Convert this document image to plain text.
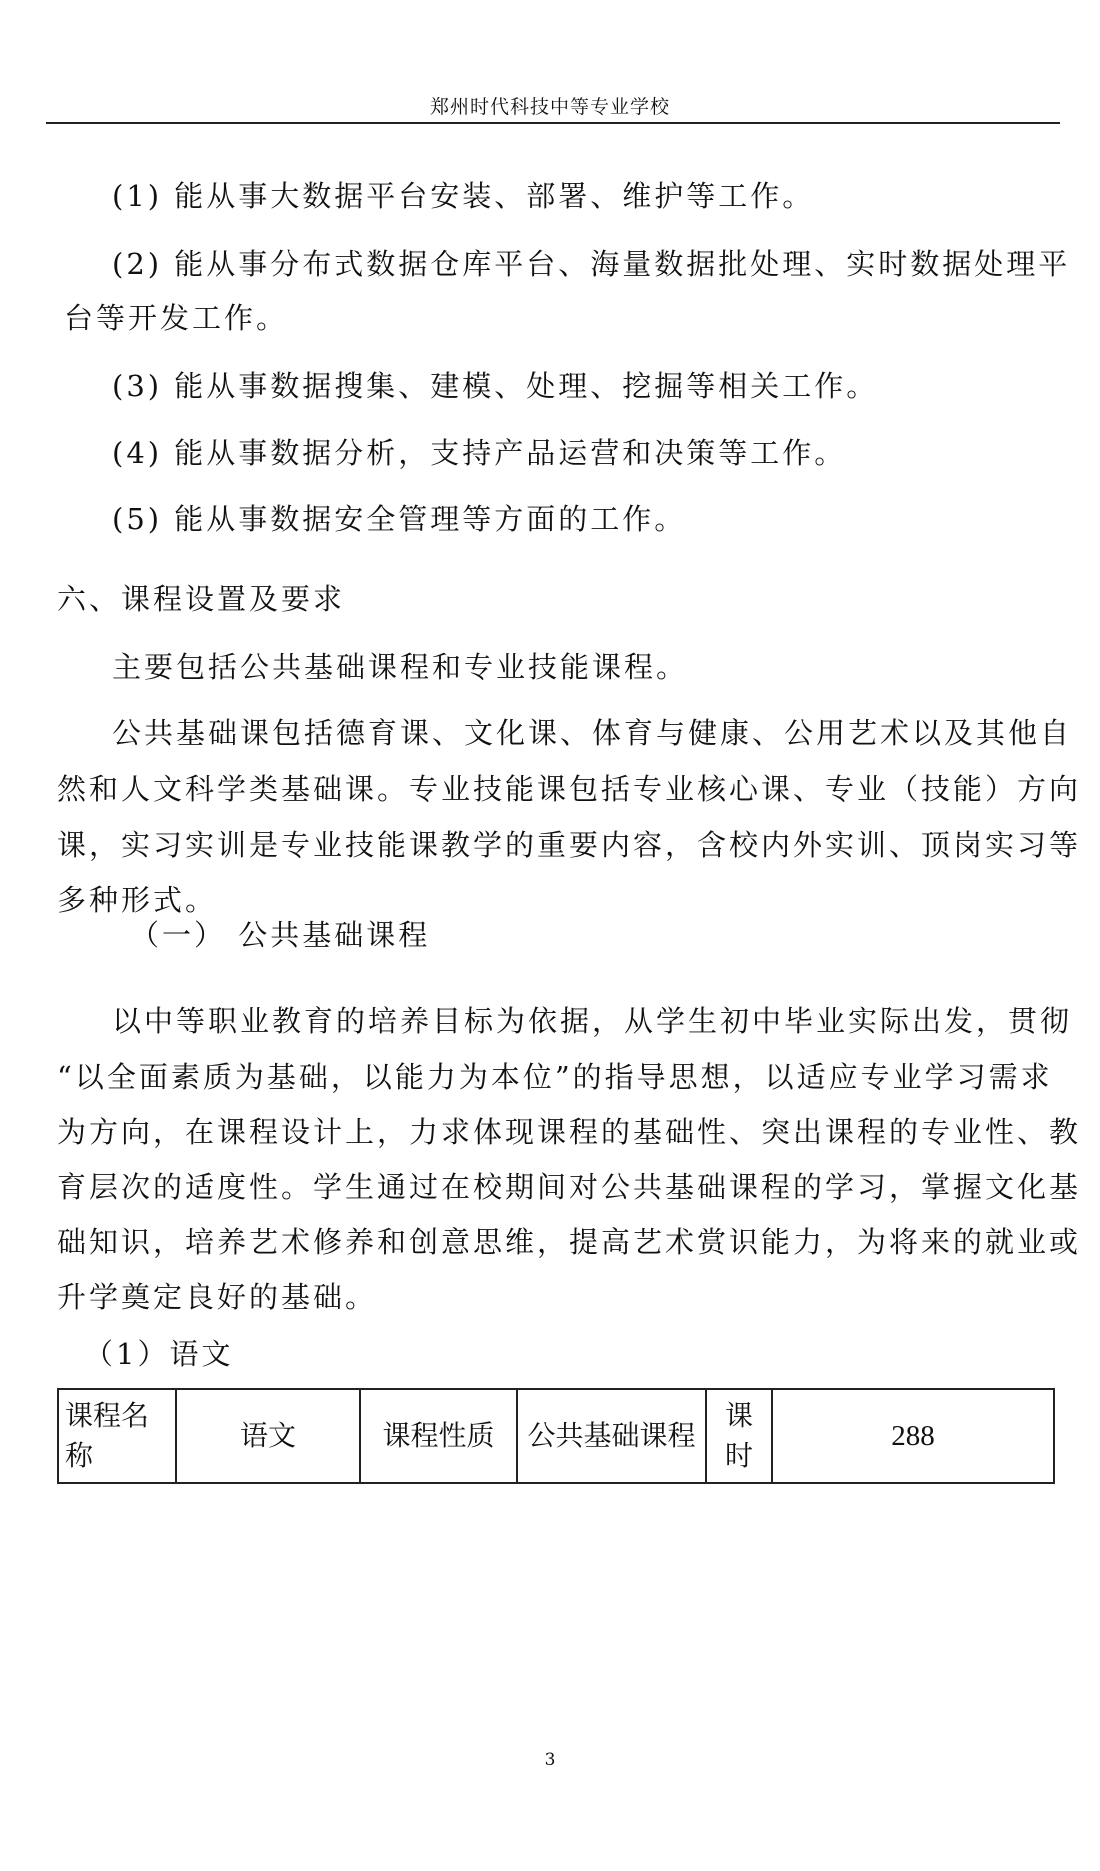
郑州时代科技中等专业学校
(1) 能从事大数据平台安装、部署、维护等工作。
(2) 能从事分布式数据仓库平台、海量数据批处理、实时数据处理平
台等开发工作。
(3) 能从事数据搜集、建模、处理、挖掘等相关工作。
(4) 能从事数据分析，支持产品运营和决策等工作。
(5) 能从事数据安全管理等方面的工作。
六、课程设置及要求
主要包括公共基础课程和专业技能课程。
公共基础课包括德育课、文化课、体育与健康、公用艺术以及其他自
然和人文科学类基础课。专业技能课包括专业核心课、专业（技能）方向
课，实习实训是专业技能课教学的重要内容，含校内外实训、顶岗实习等
多种形式。
（一） 公共基础课程
以中等职业教育的培养目标为依据，从学生初中毕业实际出发，贯彻
“以全面素质为基础，以能力为本位”的指导思想，以适应专业学习需求
为方向，在课程设计上，力求体现课程的基础性、突出课程的专业性、教
育层次的适度性。学生通过在校期间对公共基础课程的学习，掌握文化基
础知识，培养艺术修养和创意思维，提高艺术赏识能力，为将来的就业或
升学奠定良好的基础。
（1）语文
课程名称	语文	课程性质	公共基础课程	课时	288
3
